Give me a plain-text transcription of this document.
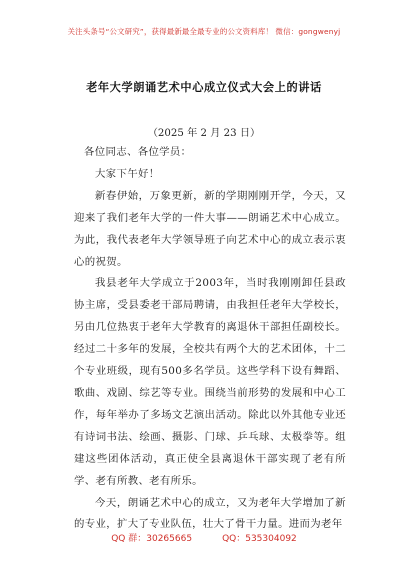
关注头条号“公文研究”，获得最新最全最专业的公文资料库！ 微信：gongwenyj
老年大学朗诵艺术中心成立仪式大会上的讲话
（2025 年 2 月 23 日）

各位同志、各位学员：

大家下午好！

新春伊始，万象更新，新的学期刚刚开学，今天，又迎来了我们老年大学的一件大事——朗诵艺术中心成立。为此，我代表老年大学领导班子向艺术中心的成立表示衷心的祝贺。

我县老年大学成立于2003年，当时我刚刚卸任县政协主席，受县委老干部局聘请，由我担任老年大学校长，另由几位热衷于老年大学教育的离退休干部担任副校长。经过二十多年的发展，全校共有两个大的艺术团体，十二个专业班级，现有500多名学员。这些学科下设有舞蹈、歌曲、戏剧、综艺等专业。围绕当前形势的发展和中心工作，每年举办了多场文艺演出活动。除此以外其他专业还有诗词书法、绘画、摄影、门球、乒乓球、太极拳等。组建这些团体活动，真正使全县离退休干部实现了老有所学、老有所教、老有所乐。

今天，朗诵艺术中心的成立，又为老年大学增加了新的专业，扩大了专业队伍，壮大了骨干力量。进而为老年

QQ 群：30265665	QQ：535304092
